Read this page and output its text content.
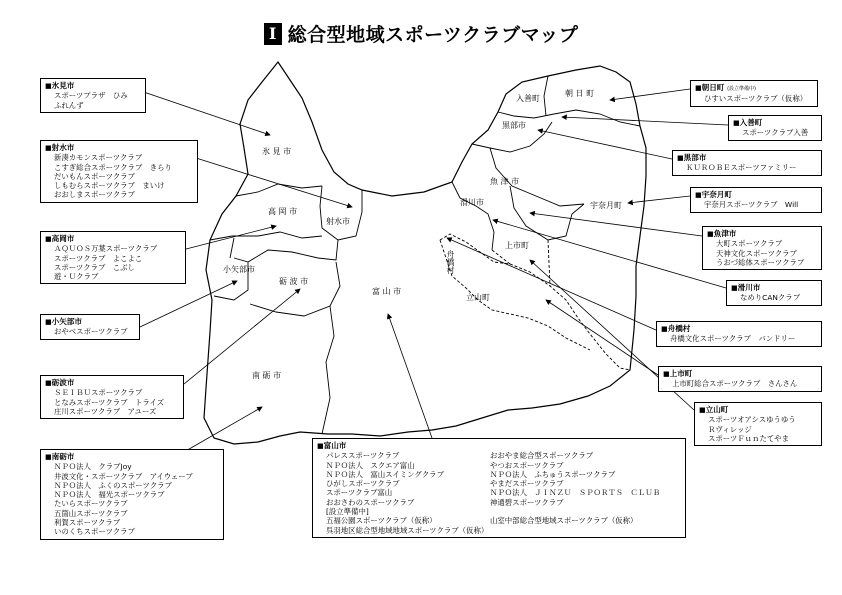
I 総合型地域スポーツクラブマップ
氷 見 市
高 岡 市
射水市
小矢部市
砺 波 市
南 砺 市
富 山 市
舟橋村
立山町
上市町
滑川市
魚 津 市
黒部市
入善町
朝 日 町
宇奈月町
■ 氷見市
スポーツプラザ　ひみ
ふれんず
■ 射水市
新湊カモンスポーツクラブ
こすぎ総合スポーツクラブ　きらり
だいもんスポーツクラブ
しもむらスポーツクラブ　まいけ
おおしまスポーツクラブ
■ 高岡市
ＡＱＵＯＳ万葉スポーツクラブ
スポーツクラブ　よこよこ
スポーツクラブ　こぶし
遊・Ｕクラブ
■ 小矢部市
おやべスポーツクラブ
■ 砺波市
ＳＥＩＢＵスポーツクラブ
となみスポーツクラブ　トライズ
庄川スポーツクラブ　アユーズ
■ 南砺市
ＮＰＯ法人　クラブJoy
井波文化・スポーツクラブ　アイウェーブ
ＮＰＯ法人　ふくのスポーツクラブ
ＮＰＯ法人　福光スポーツクラブ
たいらスポーツクラブ
五箇山スポーツクラブ
利賀スポーツクラブ
いのくちスポーツクラブ
■ 富山市
パレススポーツクラブ
ＮＰＯ法人　スクエア富山
ＮＰＯ法人　富山スイミングクラブ
ひがしスポーツクラブ
スポーツクラブ富山
おおさわのスポーツクラブ
[設立準備中]
五福公園スポーツクラブ（仮称）
おおやま総合型スポーツクラブ
やつおスポーツクラブ
ＮＰＯ法人　ふちゅうスポーツクラブ
やまだスポーツクラブ
ＮＰＯ法人　ＪＩＮＺＵ　ＳＰＯＲＴＳ　ＣＬＵＢ
神通碧スポーツクラブ
山室中部総合型地域スポーツクラブ（仮称）
呉羽地区総合型地域地域スポーツクラブ（仮称）
■ 朝日町 (設立準備中)
ひすいスポーツクラブ（仮称）
■ 入善町
スポーツクラブ入善
■ 黒部市
ＫＵＲＯＢＥスポーツファミリー
■ 宇奈月町
宇奈月スポーツクラブ　Will
■ 魚津市
大町スポーツクラブ
天神文化スポーツクラブ
うおづ総体スポーツクラブ
■ 滑川市
なめりCANクラブ
■ 舟橋村
舟橋文化スポーツクラブ　バンドリー
■ 上市町
上市町総合スポーツクラブ　さんさん
■ 立山町
スポーツオアシスゆうゆう
Ｒヴィレッジ
スポーツＦｕｎたてやま
